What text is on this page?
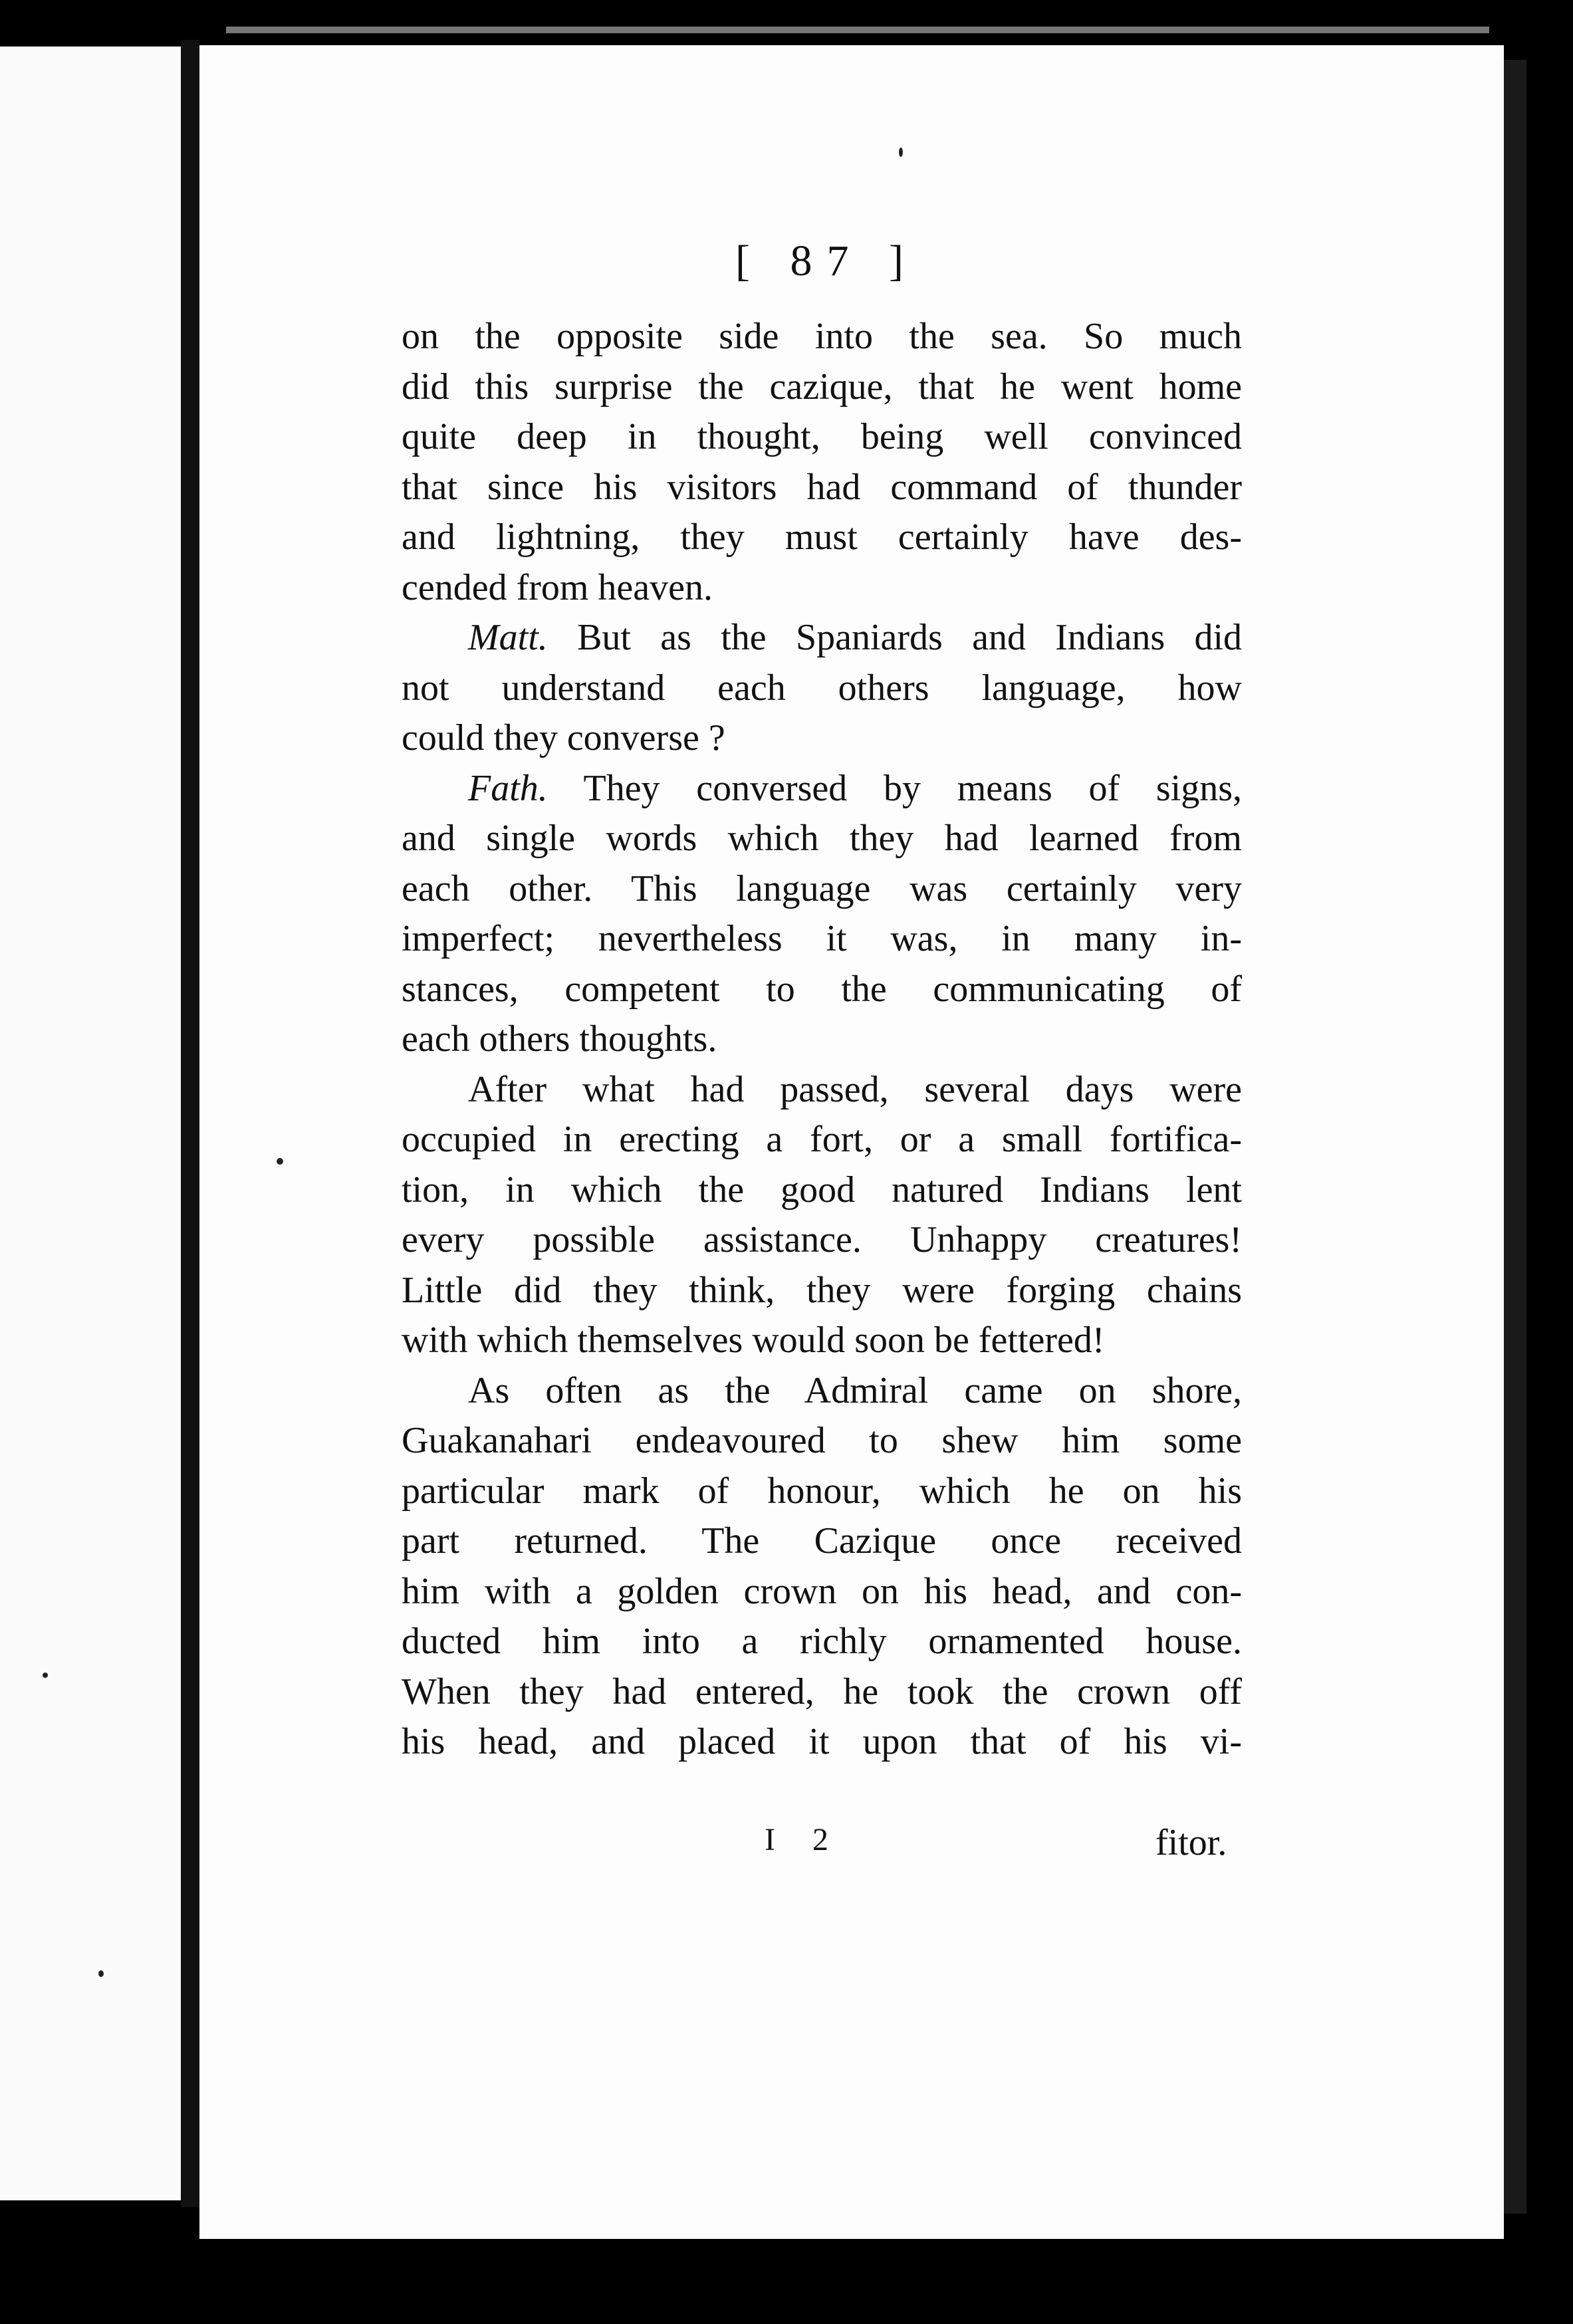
[ 87 ]
on the opposite side into the sea. So much
did this surprise the cazique, that he went home
quite deep in thought, being well convinced
that since his visitors had command of thunder
and lightning, they must certainly have des-
cended from heaven.
Matt. But as the Spaniards and Indians did
not understand each others language, how
could they converse ?
Fath. They conversed by means of signs,
and single words which they had learned from
each other. This language was certainly very
imperfect; nevertheless it was, in many in-
stances, competent to the communicating of
each others thoughts.
After what had passed, several days were
occupied in erecting a fort, or a small fortifica-
tion, in which the good natured Indians lent
every possible assistance. Unhappy creatures!
Little did they think, they were forging chains
with which themselves would soon be fettered!
As often as the Admiral came on shore,
Guakanahari endeavoured to shew him some
particular mark of honour, which he on his
part returned. The Cazique once received
him with a golden crown on his head, and con-
ducted him into a richly ornamented house.
When they had entered, he took the crown off
his head, and placed it upon that of his vi-
I 2	fitor.
